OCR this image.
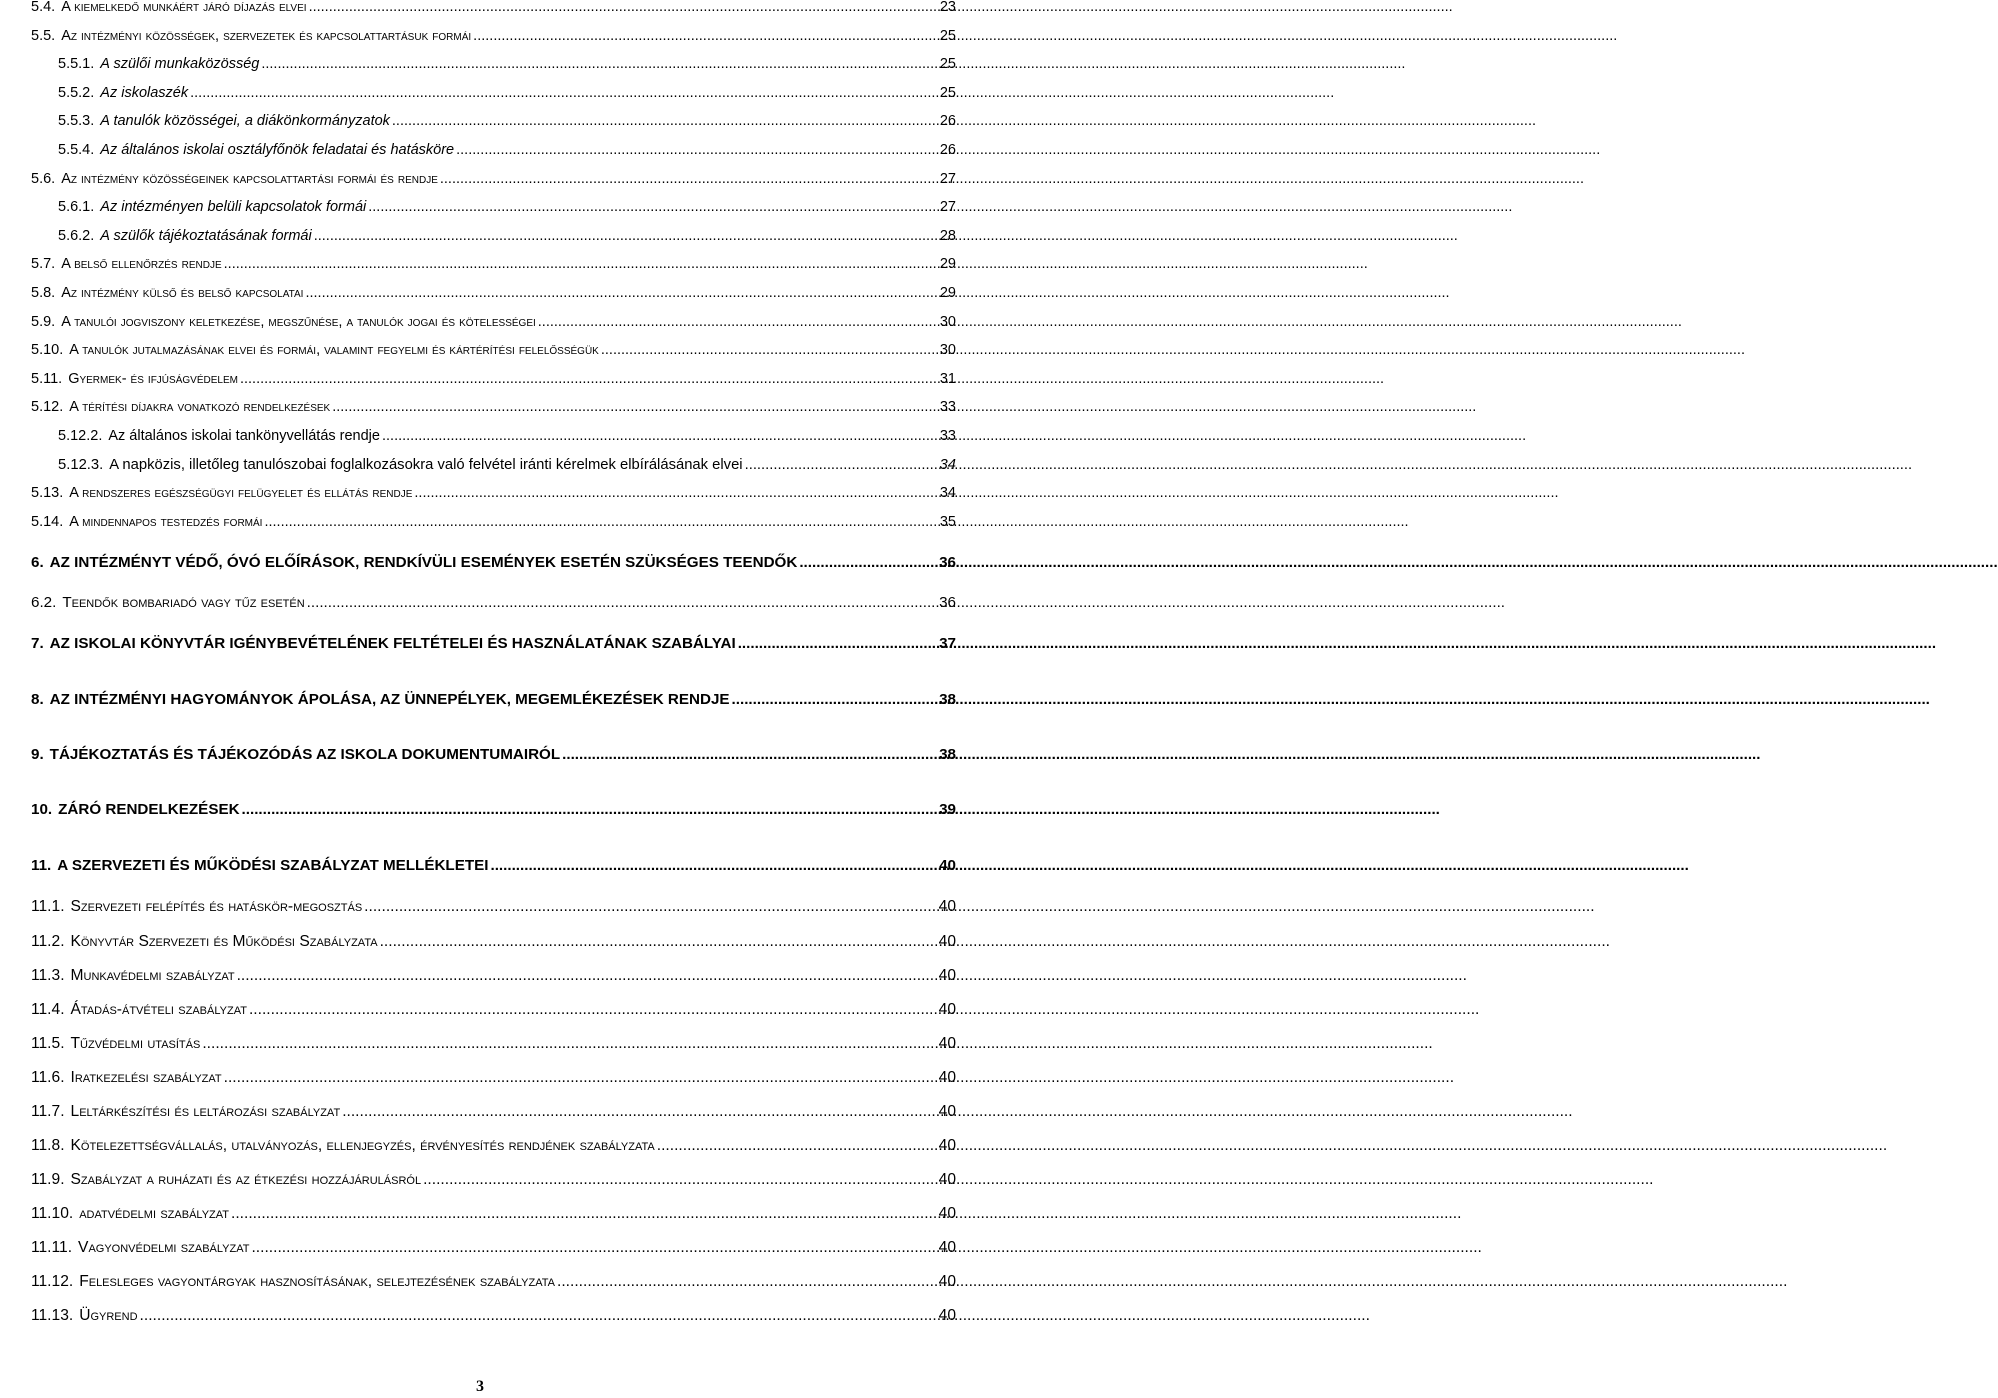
5.4. A kiemelkedő munkáért járó díjazás elvei .....	23
5.5. Az intézményi közösségek, szervezetek és kapcsolattartásuk formái .....	25
5.5.1. A szülői munkaközösség .....	25
5.5.2. Az iskolaszék .....	25
5.5.3. A tanulók közösségei, a diákönkormányzatok .....	26
5.5.4. Az általános iskolai osztályfőnök feladatai és hatásköre .....	26
5.6. Az intézmény közösségeinek kapcsolattartási formái és rendje .....	27
5.6.1. Az intézményen belüli kapcsolatok formái .....	27
5.6.2. A szülők tájékoztatásának formái .....	28
5.7. A belső ellenőrzés rendje .....	29
5.8. Az intézmény külső és belső kapcsolatai .....	29
5.9. A tanulói jogviszony keletkezése, megszűnése, a tanulók jogai és kötelességei .....	30
5.10. A tanulók jutalmazásának elvei és formái, valamint fegyelmi és kártérítési felelősségük .....	30
5.11. Gyermek- és ifjúságvédelem .....	31
5.12. A térítési díjakra vonatkozó rendelkezések .....	33
5.12.2. Az általános iskolai tankönyvellátás rendje .....	33
5.12.3. A napközis, illetőleg tanulószobai foglalkozásokra való felvétel iránti kérelmek elbírálásának elvei .....	34
5.13. A rendszeres egészségügyi felügyelet és ellátás rendje .....	34
5.14. A mindennapos testedzés formái .....	35
6. AZ INTÉZMÉNYT VÉDŐ, ÓVÓ ELŐÍRÁSOK, RENDKÍVÜLI ESEMÉNYEK ESETÉN SZÜKSÉGES TEENDŐK .....	36
6.2. Teendők bombariadó vagy tűz esetén .....	36
7. AZ ISKOLAI KÖNYVTÁR IGÉNYBEVÉTELÉNEK FELTÉTELEI ÉS HASZNÁLATÁNAK SZABÁLYAI .....	37
8. AZ INTÉZMÉNYI HAGYOMÁNYOK ÁPOLÁSA, AZ ÜNNEPÉLYEK, MEGEMLÉKEZÉSEK RENDJE .....	38
9. TÁJÉKOZTATÁS ÉS TÁJÉKOZÓDÁS AZ ISKOLA DOKUMENTUMAIRÓL .....	38
10. ZÁRÓ RENDELKEZÉSEK .....	39
11. A SZERVEZETI ÉS MŰKÖDÉSI SZABÁLYZAT MELLÉKLETEI .....	40
11.1. Szervezeti felépítés és hatáskör-megosztás .....	40
11.2. Könyvtár Szervezeti és Működési Szabályzata .....	40
11.3. Munkavédelmi szabályzat .....	40
11.4. Átadás-átvételi szabályzat .....	40
11.5. Tűzvédelmi utasítás .....	40
11.6. Iratkezelési szabályzat .....	40
11.7. Leltárkészítési és leltározási szabályzat .....	40
11.8. Kötelezettségvállalás, utalványozás, ellenjegyzés, érvényesítés rendjének szabályzata .....	40
11.9. Szabályzat a ruházati és az étkezési hozzájárulásról .....	40
11.10. adatvédelmi szabályzat .....	40
11.11. Vagyonvédelmi szabályzat .....	40
11.12. Felesleges vagyontárgyak hasznosításának, selejtezésének szabályzata .....	40
11.13. Ügyrend .....	40
3
